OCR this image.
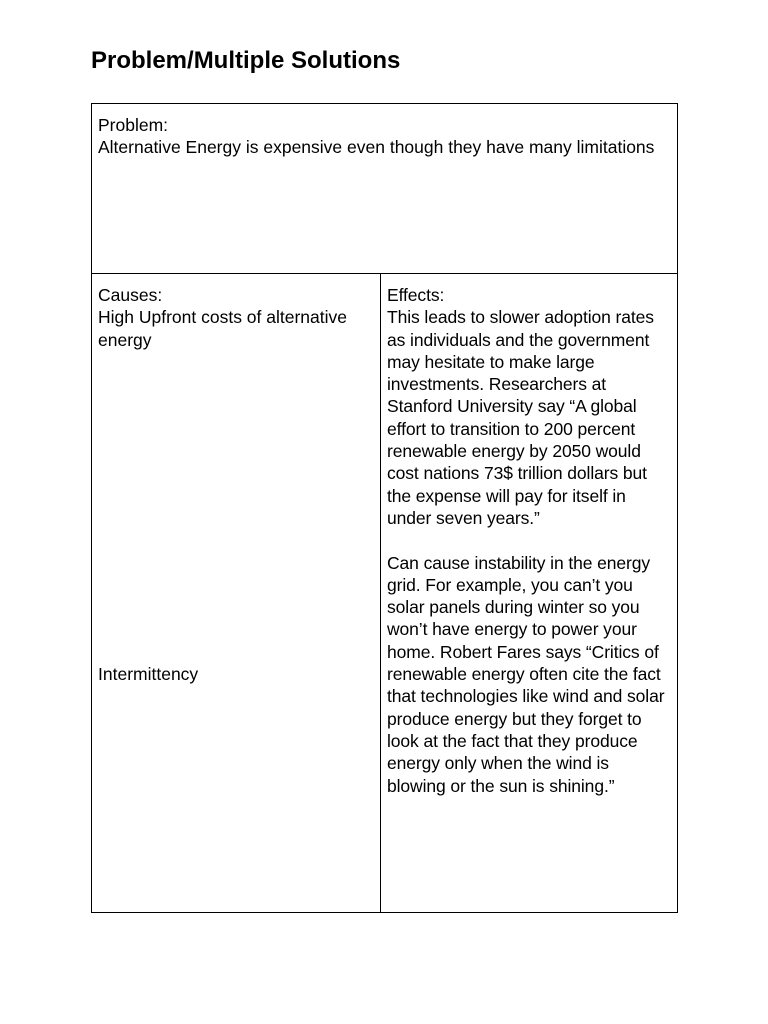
Problem/Multiple Solutions

Problem:

Alternative Energy is expensive even though they have many limitations

Causes:

High Upfront costs of alternative energy

Intermittency

Effects:

This leads to slower adoption rates as individuals and the government may hesitate to make large investments. Researchers at Stanford University say “A global effort to transition to 200 percent renewable energy by 2050 would cost nations 73$ trillion dollars but the expense will pay for itself in under seven years.”

Can cause instability in the energy grid. For example, you can’t you solar panels during winter so you won’t have energy to power your home. Robert Fares says “Critics of renewable energy often cite the fact that technologies like wind and solar produce energy but they forget to look at the fact that they produce energy only when the wind is blowing or the sun is shining.”
